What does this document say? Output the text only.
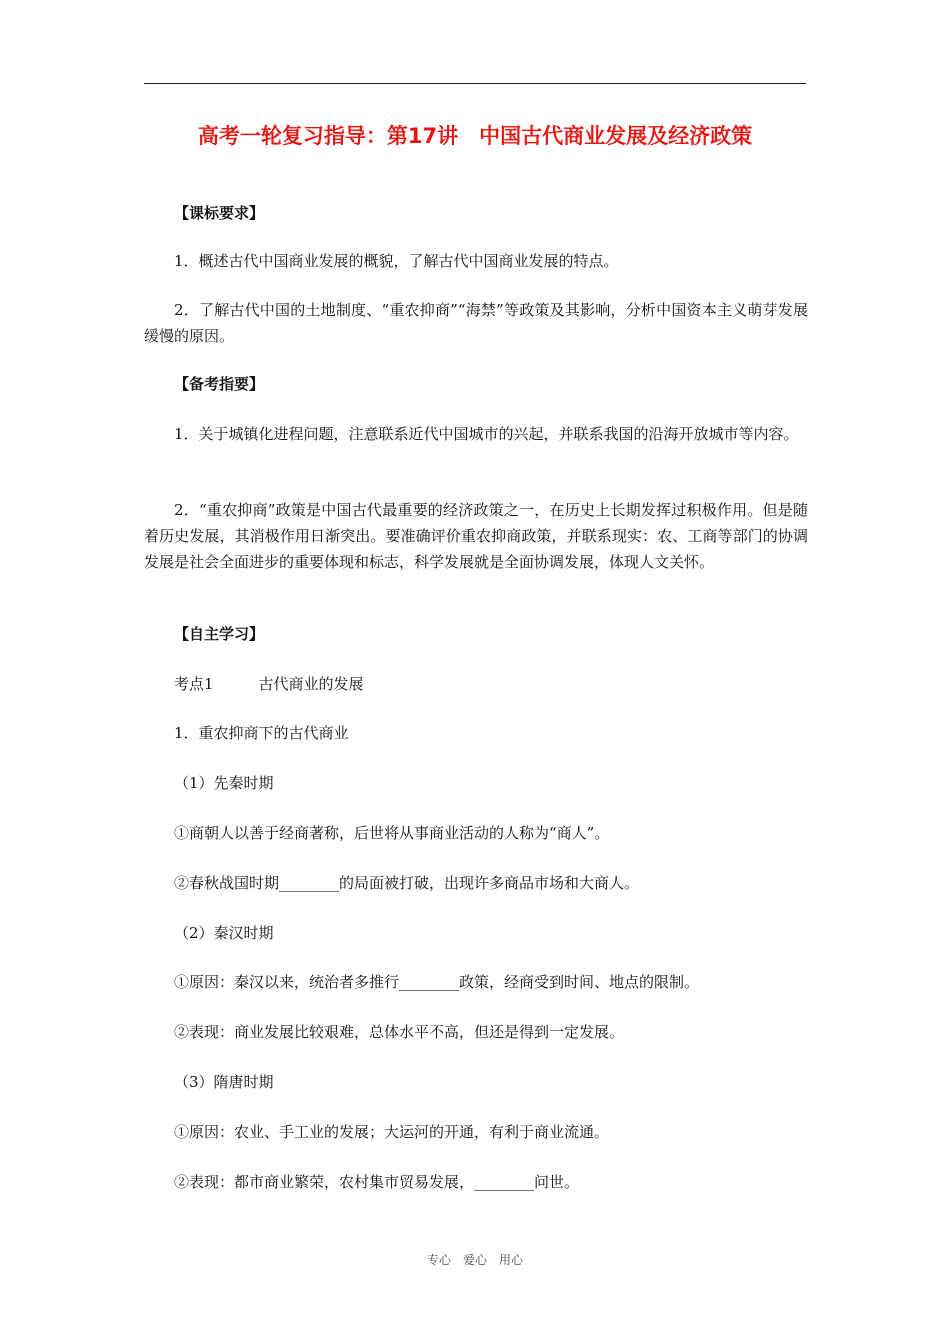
高考一轮复习指导：第17讲　中国古代商业发展及经济政策
【课标要求】
1．概述古代中国商业发展的概貌，了解古代中国商业发展的特点。
2．了解古代中国的土地制度、“重农抑商”“海禁”等政策及其影响，分析中国资本主义萌芽发展缓慢的原因。
【备考指要】
1．关于城镇化进程问题，注意联系近代中国城市的兴起，并联系我国的沿海开放城市等内容。
2．“重农抑商”政策是中国古代最重要的经济政策之一，在历史上长期发挥过积极作用。但是随着历史发展，其消极作用日渐突出。要准确评价重农抑商政策，并联系现实：农、工商等部门的协调发展是社会全面进步的重要体现和标志，科学发展就是全面协调发展，体现人文关怀。
【自主学习】
考点1　　　古代商业的发展
1．重农抑商下的古代商业
（1）先秦时期
①商朝人以善于经商著称，后世将从事商业活动的人称为“商人”。
②春秋战国时期________的局面被打破，出现许多商品市场和大商人。
（2）秦汉时期
①原因：秦汉以来，统治者多推行________政策，经商受到时间、地点的限制。
②表现：商业发展比较艰难，总体水平不高，但还是得到一定发展。
（3）隋唐时期
①原因：农业、手工业的发展；大运河的开通，有利于商业流通。
②表现：都市商业繁荣，农村集市贸易发展，________问世。
专心　爱心　用心
